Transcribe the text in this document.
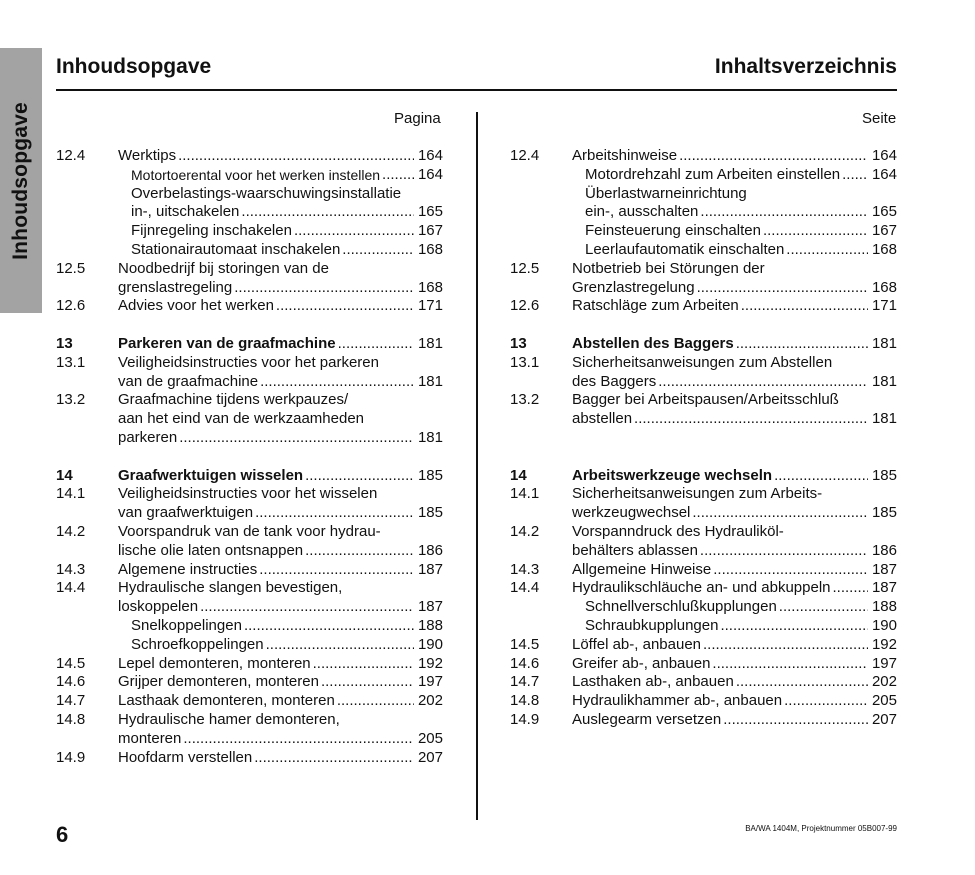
Inhoudsopgave
Inhoudsopgave	Inhaltsverzeichnis
Pagina	Seite
12.4 Werktips .....	164
Motortoerental voor het werken instellen .....	164
Overbelastings-waarschuwingsinstallatie
in-, uitschakelen .....	165
Fijnregeling inschakelen .....	167
Stationairautomaat inschakelen .....	168
12.5 Noodbedrijf bij storingen van de
grenslastregeling .....	168
12.6 Advies voor het werken .....	171
13	Parkeren van de graafmachine .....	181
13.1 Veiligheidsinstructies voor het parkeren
van de graafmachine .....	181
13.2 Graafmachine tijdens werkpauzes/
aan het eind van de werkzaamheden
parkeren .....	181
14	Graafwerktuigen wisselen .....	185
14.1 Veiligheidsinstructies voor het wisselen
van graafwerktuigen .....	185
14.2 Voorspandruk van de tank voor hydrau-
lische olie laten ontsnappen .....	186
14.3 Algemene instructies .....	187
14.4 Hydraulische slangen bevestigen,
loskoppelen .....	187
Snelkoppelingen .....	188
Schroefkoppelingen .....	190
14.5 Lepel demonteren, monteren .....	192
14.6 Grijper demonteren, monteren .....	197
14.7 Lasthaak demonteren, monteren .....	202
14.8 Hydraulische hamer demonteren,
monteren .....	205
14.9 Hoofdarm verstellen .....	207
12.4 Arbeitshinweise .....	164
Motordrehzahl zum Arbeiten einstellen ..... 164
Überlastwarneinrichtung
ein-, ausschalten .....	165
Feinsteuerung einschalten .....	167
Leerlaufautomatik einschalten .....	168
12.5 Notbetrieb bei Störungen der
Grenzlastregelung .....	168
12.6 Ratschläge zum Arbeiten .....	171
13	Abstellen des Baggers .....	181
13.1 Sicherheitsanweisungen zum Abstellen
des Baggers .....	181
13.2 Bagger bei Arbeitspausen/Arbeitsschluß
abstellen .....	181
14	Arbeitswerkzeuge wechseln .....	185
14.1 Sicherheitsanweisungen zum Arbeits-
werkzeugwechsel .....	185
14.2 Vorspanndruck des Hydrauliköl-
behälters ablassen .....	186
14.3 Allgemeine Hinweise .....	187
14.4 Hydraulikschläuche an- und abkuppeln .....	187
Schnellverschlußkupplungen .....	188
Schraubkupplungen .....	190
14.5 Löffel ab-, anbauen .....	192
14.6 Greifer ab-, anbauen .....	197
14.7 Lasthaken ab-, anbauen .....	202
14.8 Hydraulikhammer ab-, anbauen .....	205
14.9 Auslegearm versetzen .....	207
6	BA/WA 1404M, Projektnummer 05B007-99
